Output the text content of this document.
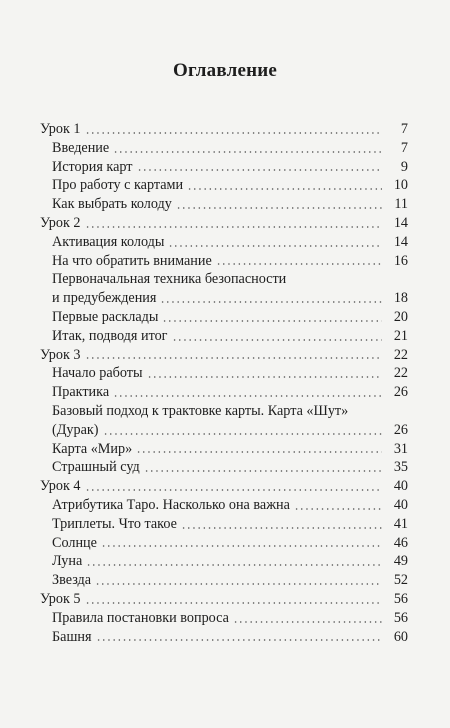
Оглавление
Урок 1	7
Введение	7
История карт	9
Про работу с картами	10
Как выбрать колоду	11
Урок 2	14
Активация колоды	14
На что обратить внимание	16
Первоначальная техника безопасности
и предубеждения	18
Первые расклады	20
Итак, подводя итог	21
Урок 3	22
Начало работы	22
Практика	26
Базовый подход к трактовке карты. Карта «Шут»
(Дурак)	26
Карта «Мир»	31
Страшный суд	35
Урок 4	40
Атрибутика Таро. Насколько она важна	40
Триплеты. Что такое	41
Солнце	46
Луна	49
Звезда	52
Урок 5	56
Правила постановки вопроса	56
Башня	60
